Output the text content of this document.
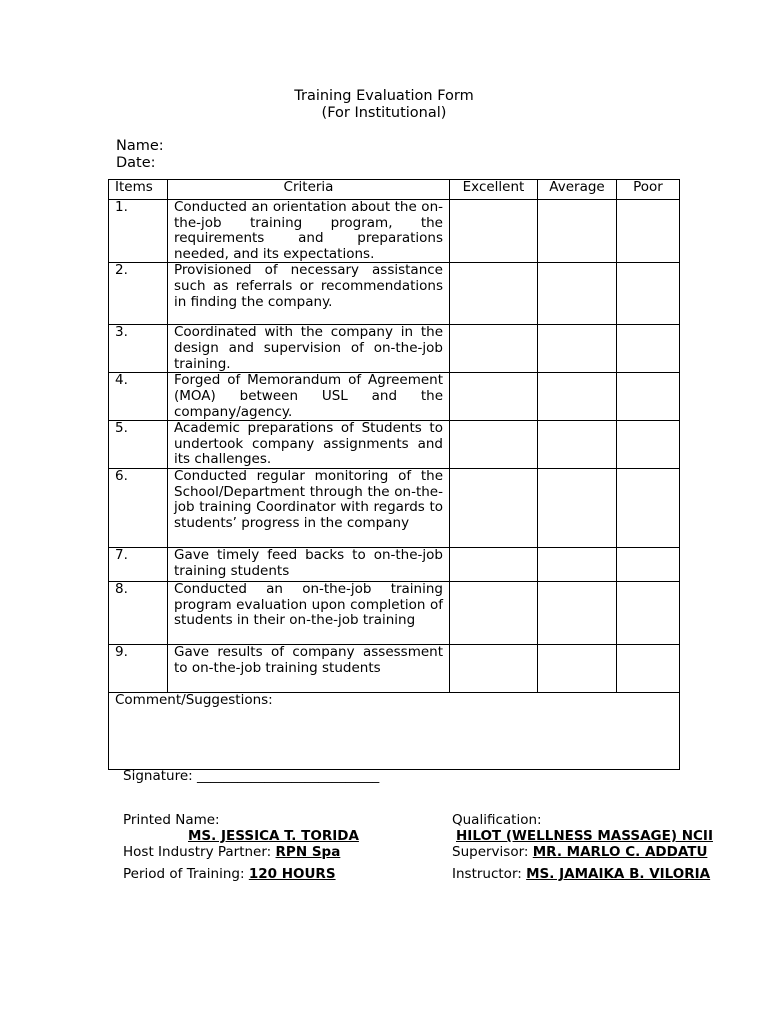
Training Evaluation Form
(For Institutional)
Name:
Date:
Items	Criteria	Excellent	Average	Poor
1.	Conducted an orientation about the on-the-job training program, the requirements and preparations needed, and its expectations.			
2.	Provisioned of necessary assistance such as referrals or recommendations in finding the company.			
3.	Coordinated with the company in the design and supervision of on-the-job training.			
4.	Forged of Memorandum of Agreement (MOA) between USL and the company/agency.			
5.	Academic preparations of Students to undertook company assignments and its challenges.			
6.	Conducted regular monitoring of the School/Department through the on-the-job training Coordinator with regards to students’ progress in the company			
7.	Gave timely feed backs to on-the-job training students			
8.	Conducted an on-the-job training program evaluation upon completion of students in their on-the-job training			
9.	Gave results of company assessment to on-the-job training students			
Comment/Suggestions:				
Signature: ___________________________
Printed Name:
MS. JESSICA T. TORIDA
Qualification:
HILOT (WELLNESS MASSAGE) NCII
Host Industry Partner: RPN Spa	Supervisor: MR. MARLO C. ADDATU
Period of Training: 120 HOURS	Instructor: MS. JAMAIKA B. VILORIA
